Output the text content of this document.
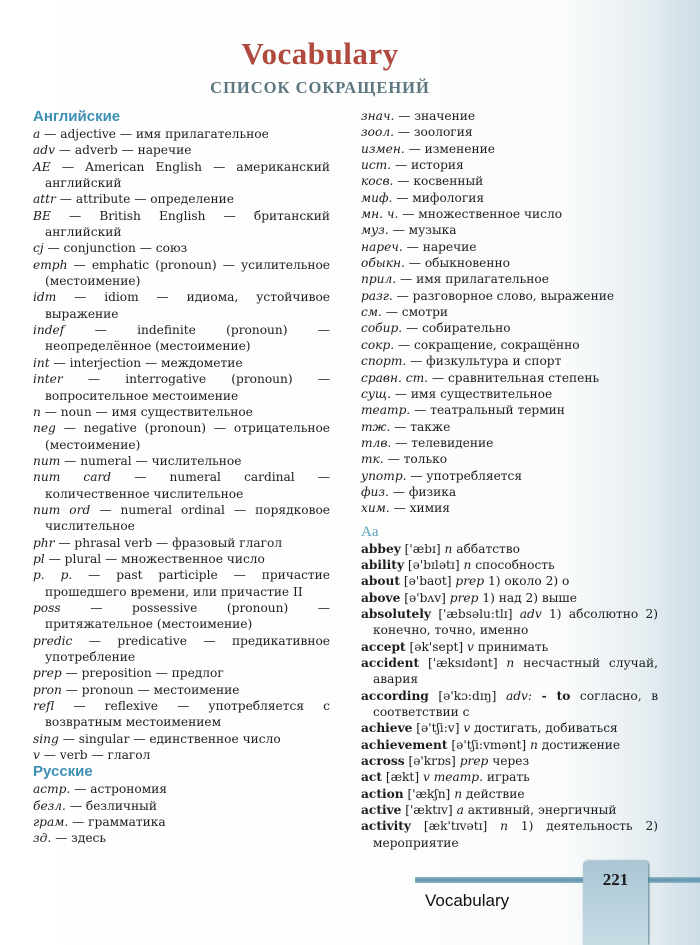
Vocabulary
СПИСОК СОКРАЩЕНИЙ
Английские
a — adjective — имя прилагательное
adv — adverb — наречие
AE — American English — американский английский
attr — attribute — определение
BE — British English — британский английский
cj — conjunction — союз
emph — emphatic (pronoun) — усилительное (местоимение)
idm — idiom — идиома, устойчивое выражение
indef — indefinite (pronoun) — неопределённое (местоимение)
int — interjection — междометие
inter — interrogative (pronoun) — вопросительное местоимение
n — noun — имя существительное
neg — negative (pronoun) — отрицательное (местоимение)
num — numeral — числительное
num card — numeral cardinal — количественное числительное
num ord — numeral ordinal — порядковое числительное
phr — phrasal verb — фразовый глагол
pl — plural — множественное число
p. p. — past participle — причастие прошедшего времени, или причастие II
poss — possessive (pronoun) — притяжательное (местоимение)
predic — predicative — предикативное употребление
prep — preposition — предлог
pron — pronoun — местоимение
refl — reflexive — употребляется с возвратным местоимением
sing — singular — единственное число
v — verb — глагол
Русские
астр. — астрономия
безл. — безличный
грам. — грамматика
зд. — здесь
знач. — значение
зоол. — зоология
измен. — изменение
ист. — история
косв. — косвенный
миф. — мифология
мн. ч. — множественное число
муз. — музыка
нареч. — наречие
обыкн. — обыкновенно
прил. — имя прилагательное
разг. — разговорное слово, выражение
см. — смотри
собир. — собирательно
сокр. — сокращение, сокращённо
спорт. — физкультура и спорт
сравн. ст. — сравнительная степень
сущ. — имя существительное
театр. — театральный термин
тж. — также
тлв. — телевидение
тк. — только
употр. — употребляется
физ. — физика
хим. — химия
Aa
abbey ['æbɪ] n аббатство
ability [ə'bɪlətɪ] n способность
about [ə'baʊt] prep 1) около 2) о
above [ə'bʌv] prep 1) над 2) выше
absolutely ['æbsəlu:tlɪ] adv 1) абсолютно 2) конечно, точно, именно
accept [ək'sept] v принимать
accident ['æksɪdənt] n несчастный случай, авария
according [ə'kɔ:dɪŋ] adv: - to согласно, в соответствии с
achieve [ə'tʃi:v] v достигать, добиваться
achievement [ə'tʃi:vmənt] n достижение
across [ə'krɒs] prep через
act [ækt] v театр. играть
action ['ækʃn] n действие
active ['æktɪv] a активный, энергичный
activity [æk'tɪvətɪ] n 1) деятельность 2) мероприятие
221
Vocabulary
